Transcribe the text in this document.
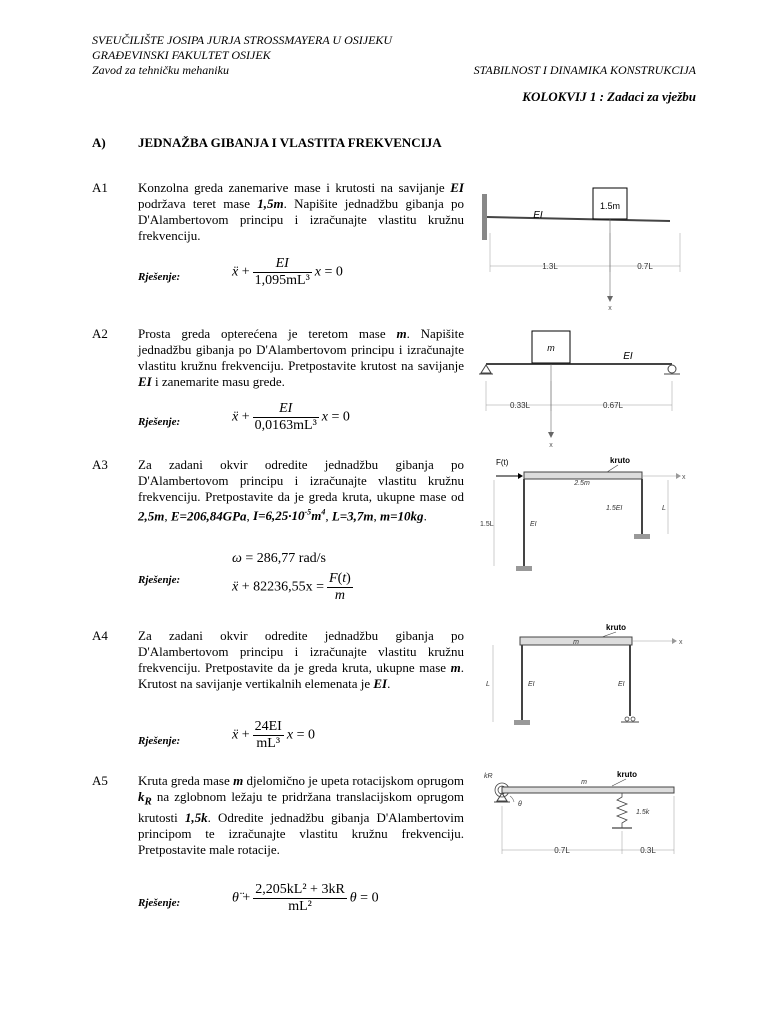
SVEUČILIŠTE JOSIPA JURJA STROSSMAYERA U OSIJEKU
GRAĐEVINSKI FAKULTET OSIJEK
Zavod za tehničku mehaniku	STABILNOST I DINAMIKA KONSTRUKCIJA
KOLOKVIJ 1 : Zadaci za vježbu
A) JEDNAŽBA GIBANJA I VLASTITA FREKVENCIJA
A1 Konzolna greda zanemarive mase i krutosti na savijanje EI podržava teret mase 1,5m. Napišite jednadžbu gibanja po D'Alambertovom principu i izračunajte vlastitu kružnu frekvenciju.
Rješenje:	ẍ + $\frac{EI}{\text{1,095mL³}}$ x = 0
1.5m
EI
1.3L	0.7L
x
A2 Prosta greda opterećena je teretom mase m. Napišite jednadžbu gibanja po D'Alambertovom principu i izračunajte vlastitu kružnu frekvenciju. Pretpostavite krutost na savijanje EI i zanemarite masu grede.
Rješenje:	ẍ + $\frac{EI}{\text{0,0163mL³}}$ x = 0
m
EI
0.33L	0.67L
x
A3 Za zadani okvir odredite jednadžbu gibanja po D'Alambertovom principu i izračunajte vlastitu kružnu frekvenciju. Pretpostavite da je greda kruta, ukupne mase od 2,5m, E=206,84GPa, $I=6,25\cdot 10^{-5}m^4$, L=3,7m, m=10kg.
ω = 286,77 rad/s
Rješenje:	ẍ + $82236,55x = \frac{F(t)}{m}$
kruto
F(t)
2.5m
x
EI
1.5EI
1.5L
L
A4 Za zadani okvir odredite jednadžbu gibanja po D'Alambertovom principu i izračunajte vlastitu kružnu frekvenciju. Pretpostavite da je greda kruta, ukupne mase m. Krutost na savijanje vertikalnih elemenata je EI.
Rješenje:	ẍ + $\frac{24EI}{\text{mL³}}$ x = 0
kruto
m	x
EI	EI
L
A5 Kruta greda mase m djelomično je upeta rotacijskom oprugom $k_R$ na zglobnom ležaju te pridržana translacijskom oprugom krutosti 1,5k. Odredite jednadžbu gibanja D'Alambertovim principom te izračunajte vlastitu kružnu frekvenciju. Pretpostavite male rotacije.
Rješenje:	θ̈ + $\frac{\text{2,205kL² + 3kR}}{\text{mL²}}$ θ = 0
kR	kruto
m
θ
1.5k
0.7L	0.3L
